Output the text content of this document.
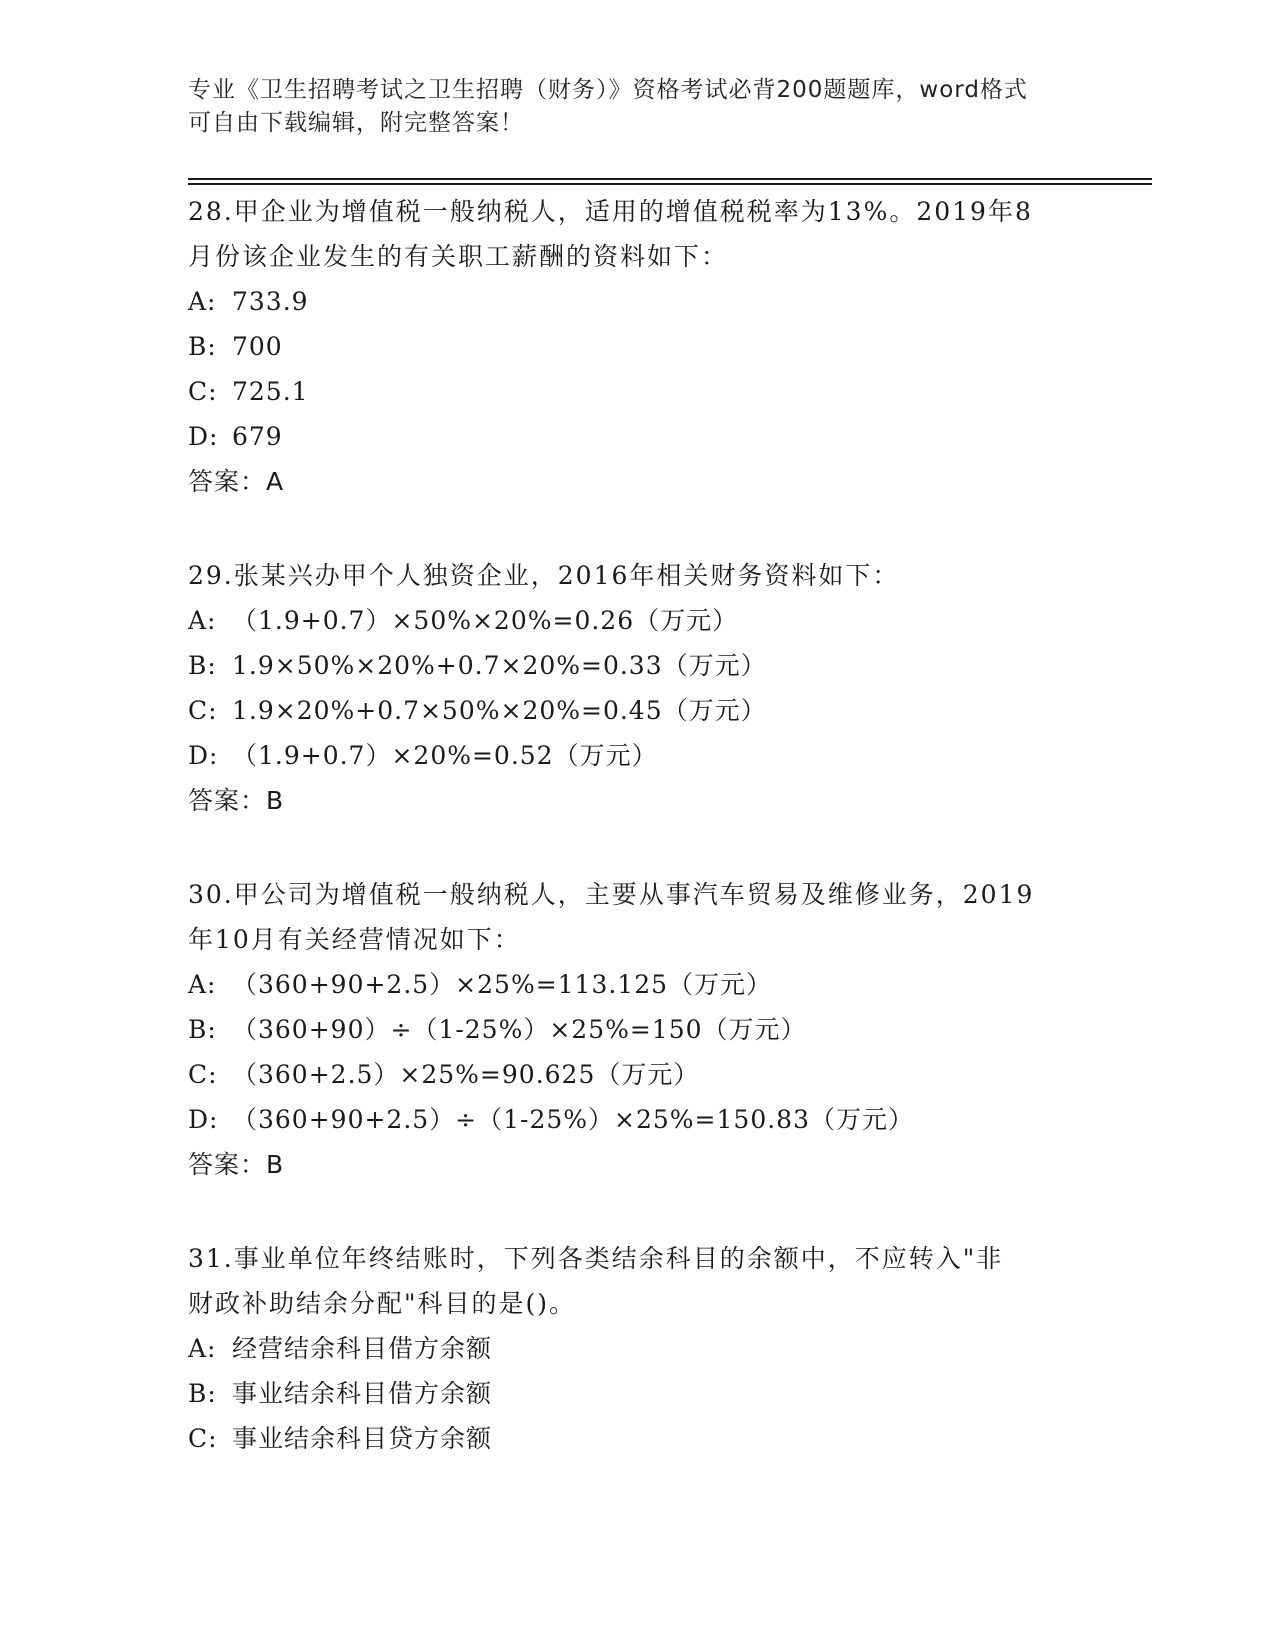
专业《卫生招聘考试之卫生招聘（财务）》资格考试必背200题题库，word格式
可自由下载编辑，附完整答案！
28.甲企业为增值税一般纳税人，适用的增值税税率为13%。2019年8
月份该企业发生的有关职工薪酬的资料如下：
A: 733.9
B: 700
C: 725.1
D: 679
答案：A
29.张某兴办甲个人独资企业，2016年相关财务资料如下：
A: （1.9+0.7）×50%×20%=0.26（万元）
B: 1.9×50%×20%+0.7×20%=0.33（万元）
C: 1.9×20%+0.7×50%×20%=0.45（万元）
D: （1.9+0.7）×20%=0.52（万元）
答案：B
30.甲公司为增值税一般纳税人，主要从事汽车贸易及维修业务，2019
年10月有关经营情况如下：
A: （360+90+2.5）×25%=113.125（万元）
B: （360+90）÷（1-25%）×25%=150（万元）
C: （360+2.5）×25%=90.625（万元）
D: （360+90+2.5）÷（1-25%）×25%=150.83（万元）
答案：B
31.事业单位年终结账时，下列各类结余科目的余额中，不应转入"非
财政补助结余分配"科目的是()。
A: 经营结余科目借方余额
B: 事业结余科目借方余额
C: 事业结余科目贷方余额
